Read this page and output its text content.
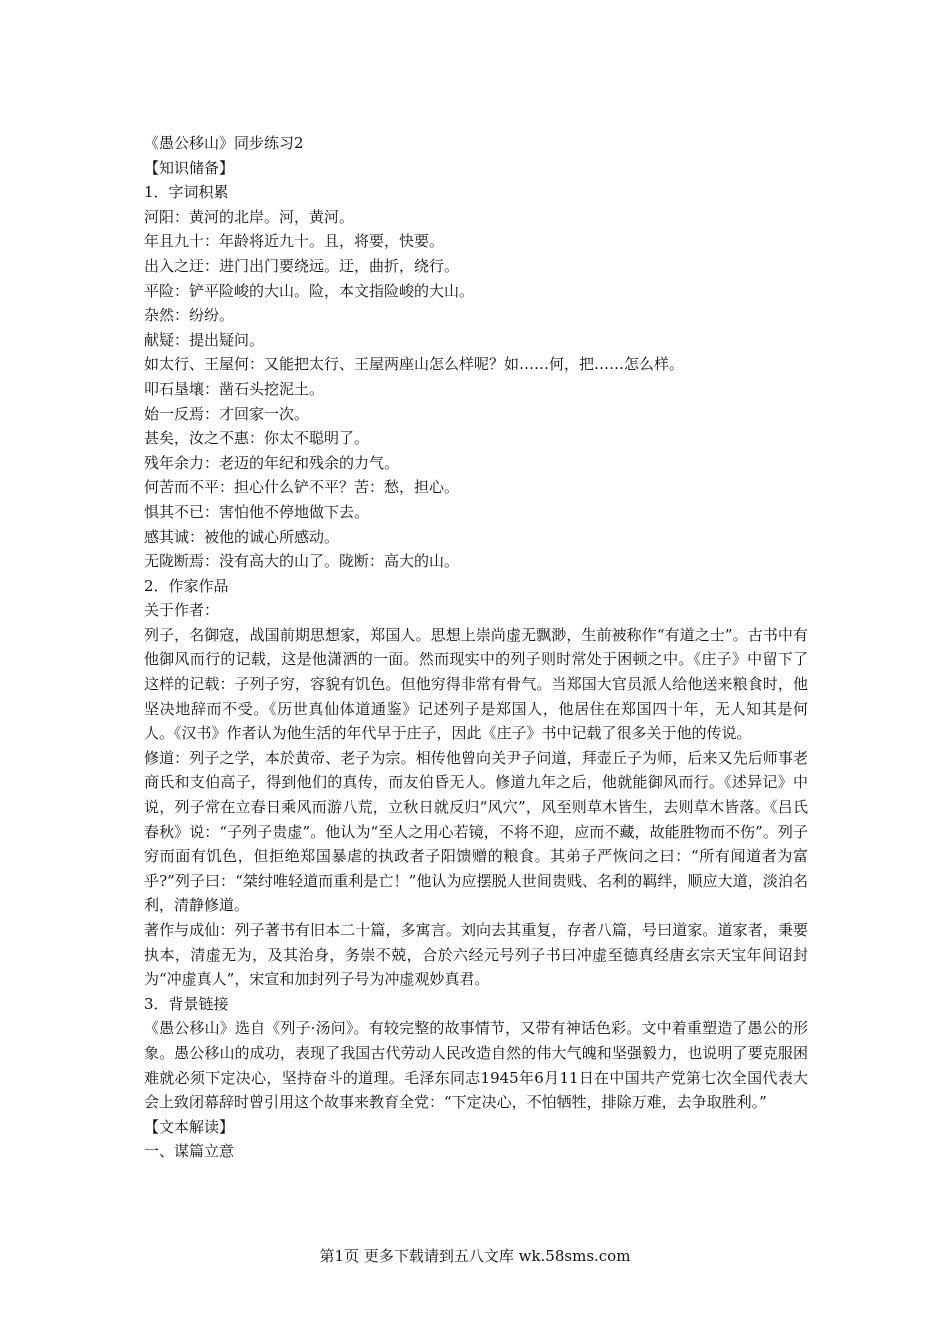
《愚公移山》同步练习2

【知识储备】

1．字词积累

河阳：黄河的北岸。河，黄河。

年且九十：年龄将近九十。且，将要，快要。

出入之迂：进门出门要绕远。迂，曲折，绕行。

平险：铲平险峻的大山。险，本文指险峻的大山。

杂然：纷纷。

献疑：提出疑问。

如太行、王屋何：又能把太行、王屋两座山怎么样呢？如……何，把……怎么样。

叩石垦壤：凿石头挖泥土。

始一反焉：才回家一次。

甚矣，汝之不惠：你太不聪明了。

残年余力：老迈的年纪和残余的力气。

何苦而不平：担心什么铲不平？苦：愁，担心。

惧其不已：害怕他不停地做下去。

感其诚：被他的诚心所感动。

无陇断焉：没有高大的山了。陇断：高大的山。

2．作家作品

关于作者：

列子，名御寇，战国前期思想家，郑国人。思想上崇尚虚无飘渺，生前被称作“有道之士”。古书中有他御风而行的记载，这是他潇洒的一面。然而现实中的列子则时常处于困顿之中。《庄子》中留下了这样的记载：子列子穷，容貌有饥色。但他穷得非常有骨气。当郑国大官员派人给他送来粮食时，他坚决地辞而不受。《历世真仙体道通鉴》记述列子是郑国人，他居住在郑国四十年，无人知其是何人。《汉书》作者认为他生活的年代早于庄子，因此《庄子》书中记载了很多关于他的传说。

修道：列子之学，本於黄帝、老子为宗。相传他曾向关尹子问道，拜壶丘子为师，后来又先后师事老商氏和支伯高子，得到他们的真传，而友伯昏无人。修道九年之后，他就能御风而行。《述异记》中说，列子常在立春日乘风而游八荒，立秋日就反归“风穴”，风至则草木皆生，去则草木皆落。《吕氏春秋》说：“子列子贵虚”。他认为“至人之用心若镜，不将不迎，应而不藏，故能胜物而不伤”。列子穷而面有饥色，但拒绝郑国暴虐的执政者子阳馈赠的粮食。其弟子严恢问之曰：“所有闻道者为富乎?”列子曰：“桀纣唯轻道而重利是亡！”他认为应摆脱人世间贵贱、名利的羁绊，顺应大道，淡泊名利，清静修道。

著作与成仙：列子著书有旧本二十篇，多寓言。刘向去其重复，存者八篇，号曰道家。道家者，秉要执本，清虚无为，及其治身，务崇不兢，合於六经元号列子书曰冲虚至德真经唐玄宗天宝年间诏封为“冲虚真人”，宋宣和加封列子号为冲虚观妙真君。

3．背景链接

《愚公移山》选自《列子·汤问》。有较完整的故事情节，又带有神话色彩。文中着重塑造了愚公的形象。愚公移山的成功，表现了我国古代劳动人民改造自然的伟大气魄和坚强毅力，也说明了要克服困难就必须下定决心，坚持奋斗的道理。毛泽东同志1945年6月11日在中国共产党第七次全国代表大会上致闭幕辞时曾引用这个故事来教育全党：“下定决心，不怕牺牲，排除万难，去争取胜利。”

【文本解读】

一、谋篇立意

第1页 更多下载请到五八文库 wk.58sms.com
